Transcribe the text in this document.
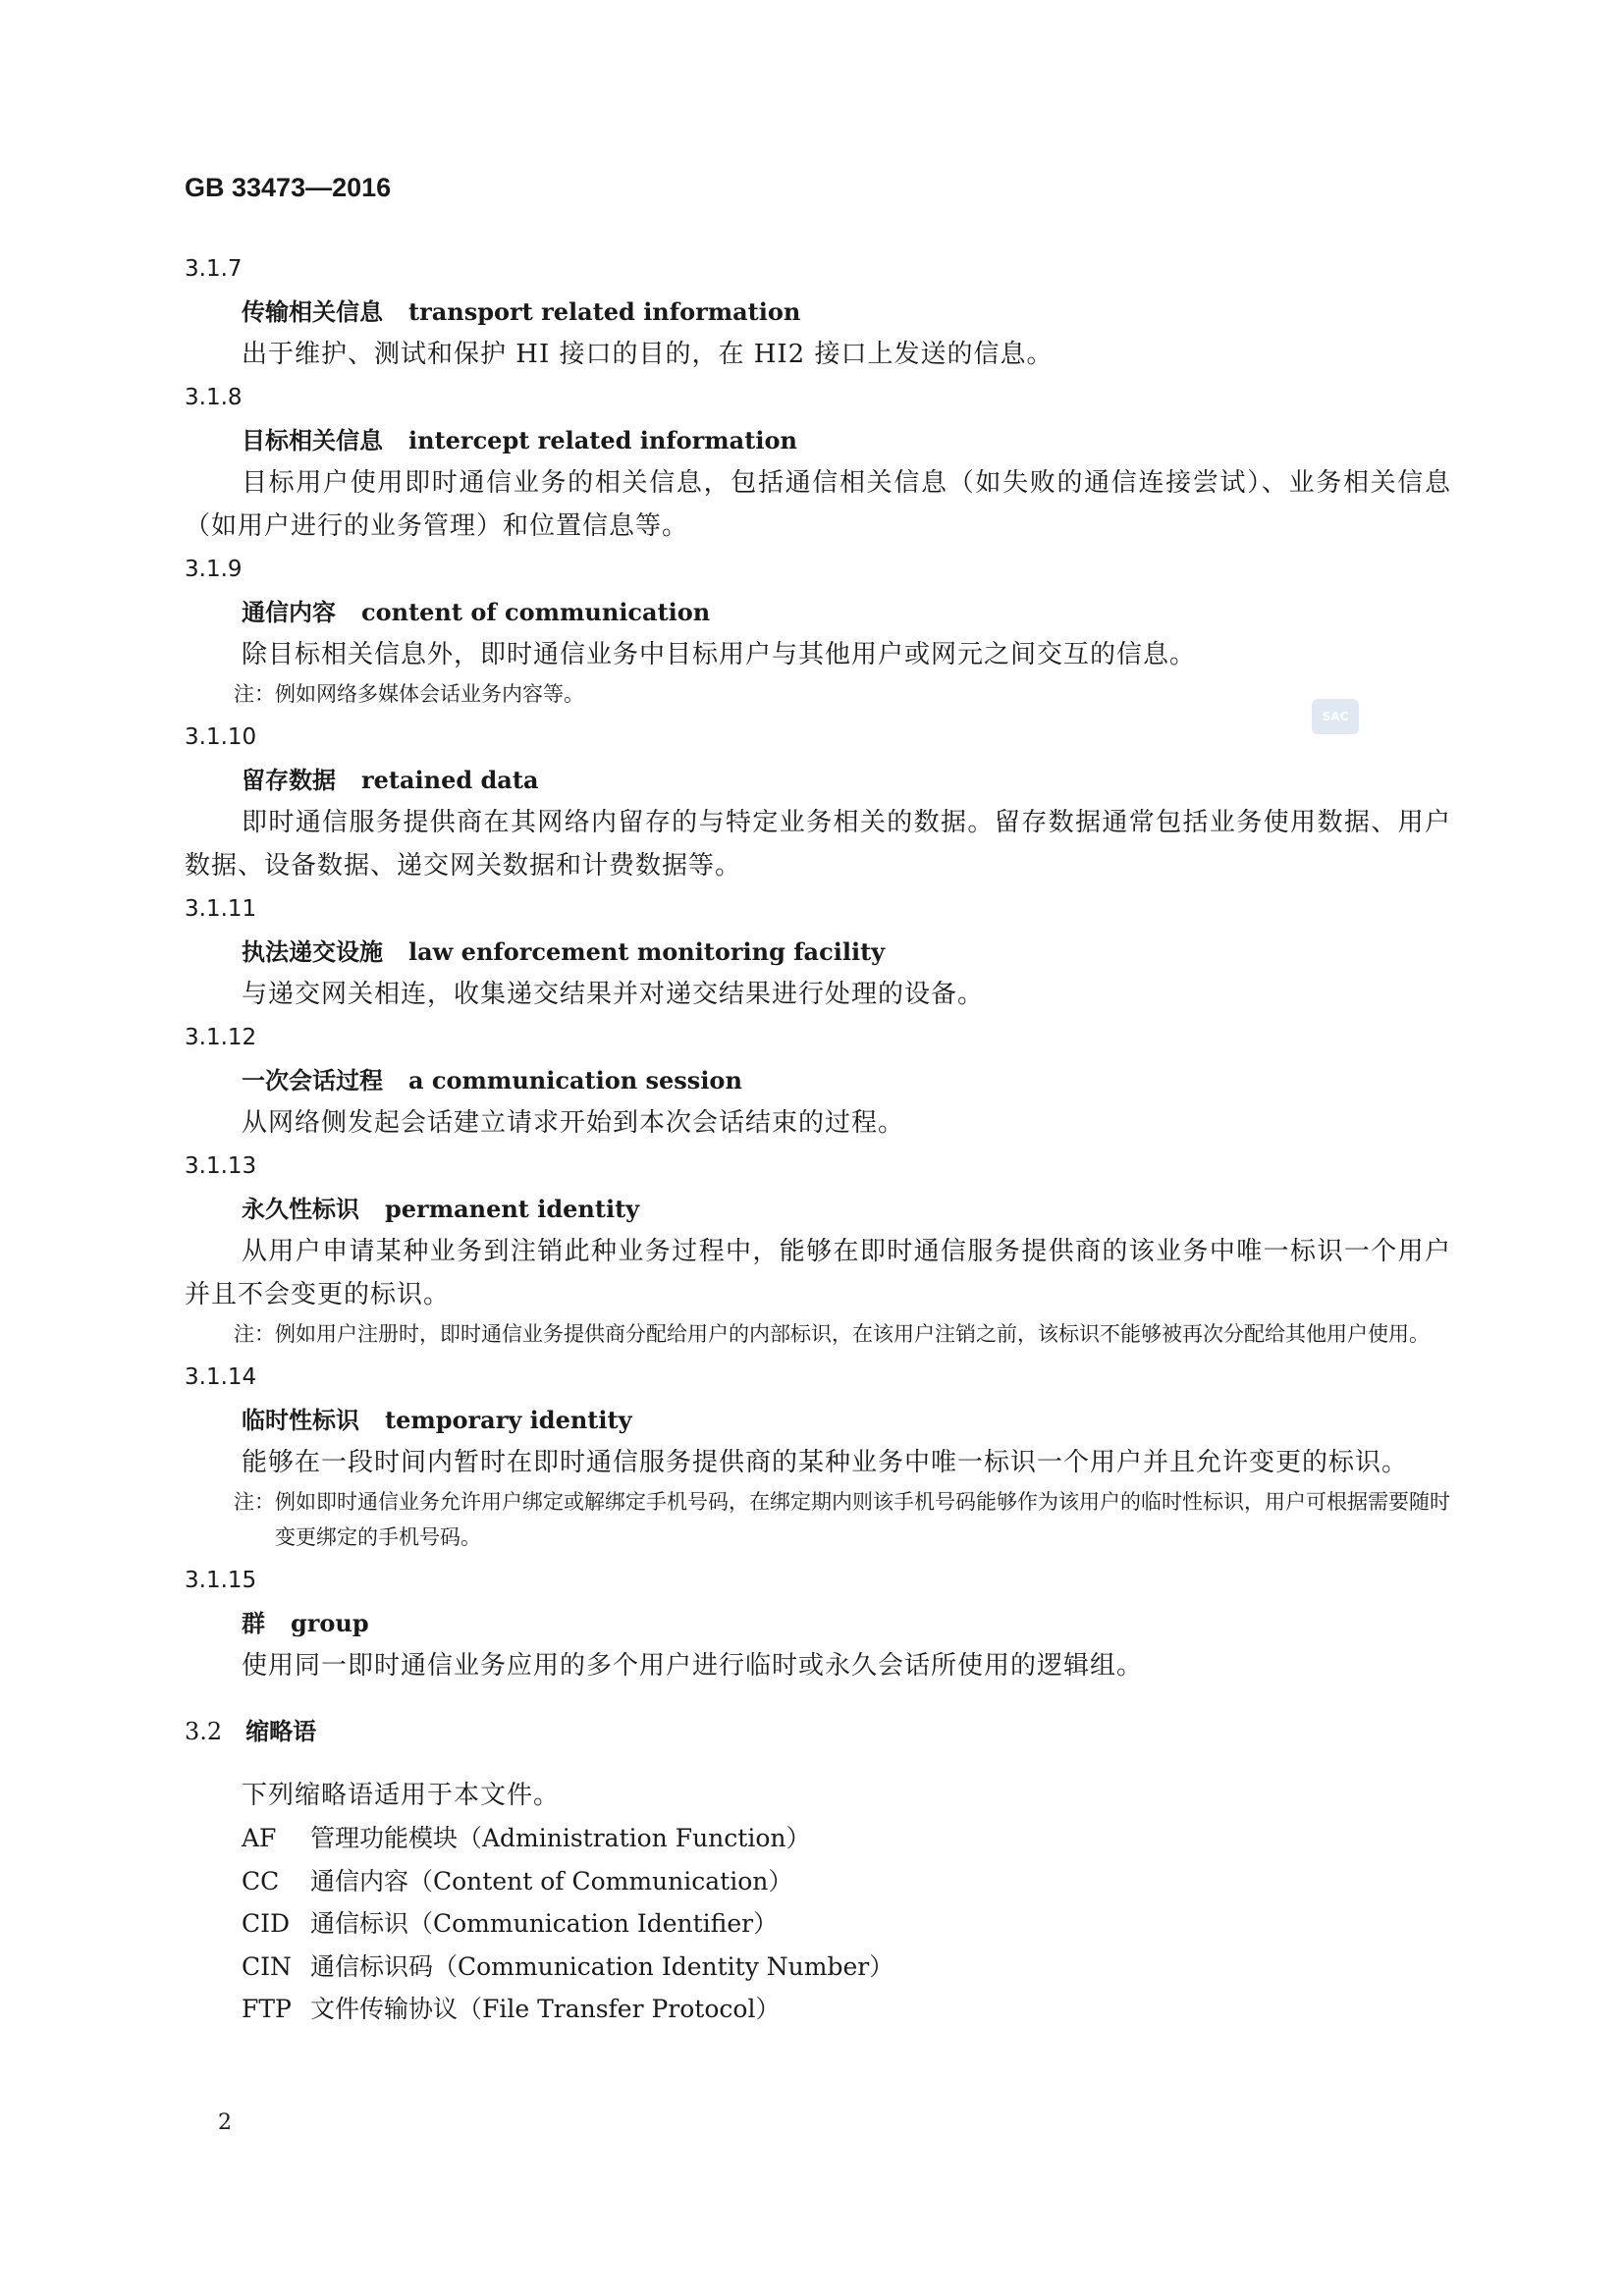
GB 33473—2016
3.1.7
传输相关信息 transport related information
出于维护、测试和保护 HI 接口的目的，在 HI2 接口上发送的信息。
3.1.8
目标相关信息 intercept related information
目标用户使用即时通信业务的相关信息，包括通信相关信息（如失败的通信连接尝试）、业务相关信息（如用户进行的业务管理）和位置信息等。
3.1.9
通信内容 content of communication
除目标相关信息外，即时通信业务中目标用户与其他用户或网元之间交互的信息。
注： 例如网络多媒体会话业务内容等。
3.1.10
留存数据 retained data
即时通信服务提供商在其网络内留存的与特定业务相关的数据。留存数据通常包括业务使用数据、用户数据、设备数据、递交网关数据和计费数据等。
3.1.11
执法递交设施 law enforcement monitoring facility
与递交网关相连，收集递交结果并对递交结果进行处理的设备。
3.1.12
一次会话过程 a communication session
从网络侧发起会话建立请求开始到本次会话结束的过程。
3.1.13
永久性标识 permanent identity
从用户申请某种业务到注销此种业务过程中，能够在即时通信服务提供商的该业务中唯一标识一个用户并且不会变更的标识。
注： 例如用户注册时，即时通信业务提供商分配给用户的内部标识，在该用户注销之前，该标识不能够被再次分配给其他用户使用。
3.1.14
临时性标识 temporary identity
能够在一段时间内暂时在即时通信服务提供商的某种业务中唯一标识一个用户并且允许变更的标识。
注： 例如即时通信业务允许用户绑定或解绑定手机号码，在绑定期内则该手机号码能够作为该用户的临时性标识，用户可根据需要随时变更绑定的手机号码。
3.1.15
群 group
使用同一即时通信业务应用的多个用户进行临时或永久会话所使用的逻辑组。
3.2 缩略语
下列缩略语适用于本文件。
AF 管理功能模块（Administration Function）
CC 通信内容（Content of Communication）
CID 通信标识（Communication Identifier）
CIN 通信标识码（Communication Identity Number）
FTP 文件传输协议（File Transfer Protocol）
SAC
2
